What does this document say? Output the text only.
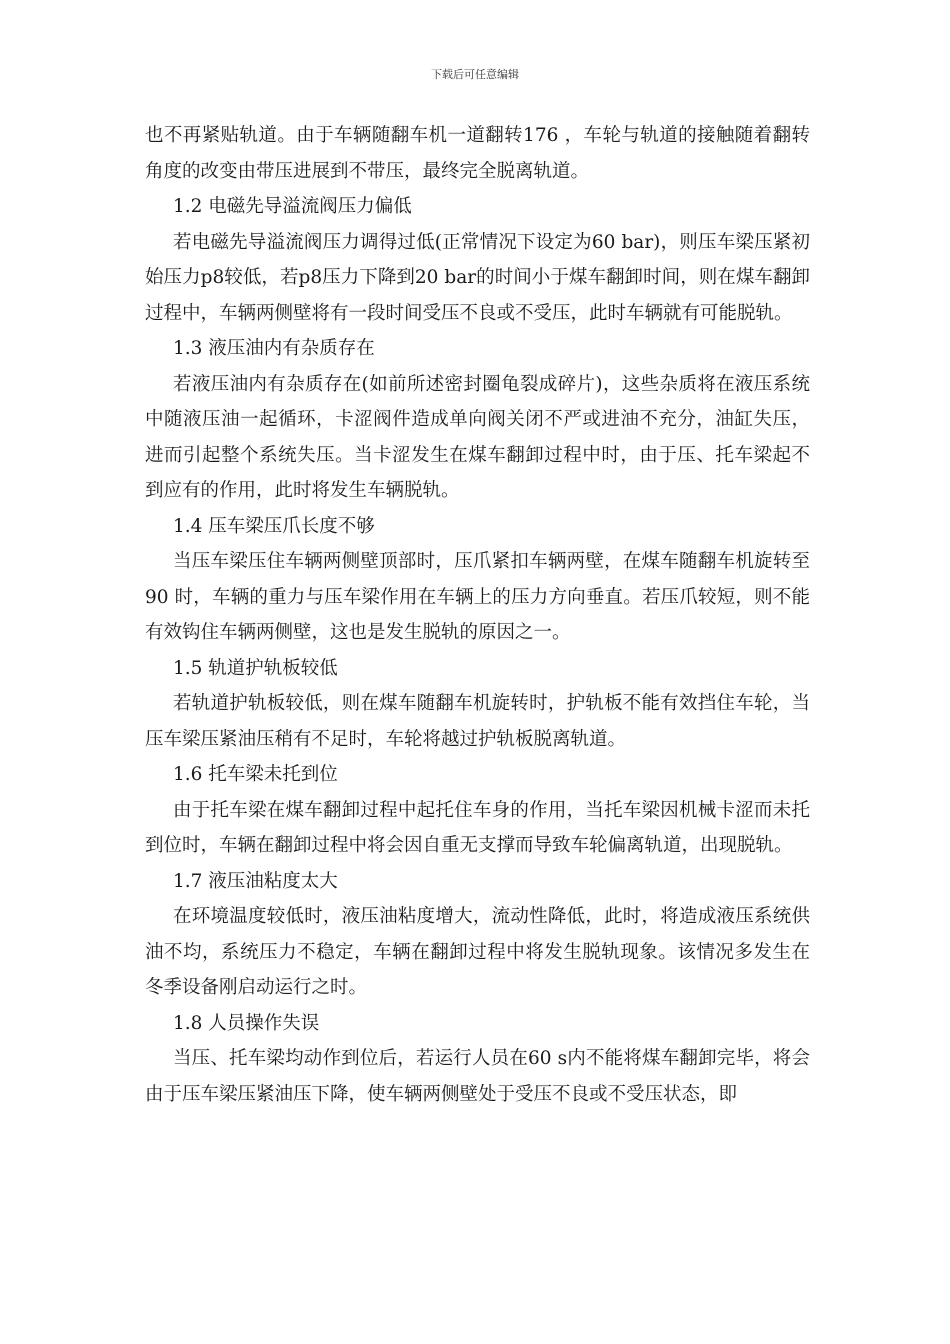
下载后可任意编辑

也不再紧贴轨道。由于车辆随翻车机一道翻转176 ，车轮与轨道的接触随着翻转角度的改变由带压进展到不带压，最终完全脱离轨道。

1.2 电磁先导溢流阀压力偏低

若电磁先导溢流阀压力调得过低(正常情况下设定为60 bar)，则压车梁压紧初始压力p8较低，若p8压力下降到20 bar的时间小于煤车翻卸时间，则在煤车翻卸过程中，车辆两侧壁将有一段时间受压不良或不受压，此时车辆就有可能脱轨。

1.3 液压油内有杂质存在

若液压油内有杂质存在(如前所述密封圈龟裂成碎片)，这些杂质将在液压系统中随液压油一起循环，卡涩阀件造成单向阀关闭不严或进油不充分，油缸失压，进而引起整个系统失压。当卡涩发生在煤车翻卸过程中时，由于压、托车梁起不到应有的作用，此时将发生车辆脱轨。

1.4 压车梁压爪长度不够

当压车梁压住车辆两侧壁顶部时，压爪紧扣车辆两壁，在煤车随翻车机旋转至90 时，车辆的重力与压车梁作用在车辆上的压力方向垂直。若压爪较短，则不能有效钩住车辆两侧壁，这也是发生脱轨的原因之一。

1.5 轨道护轨板较低

若轨道护轨板较低，则在煤车随翻车机旋转时，护轨板不能有效挡住车轮，当压车梁压紧油压稍有不足时，车轮将越过护轨板脱离轨道。

1.6 托车梁未托到位

由于托车梁在煤车翻卸过程中起托住车身的作用，当托车梁因机械卡涩而未托到位时，车辆在翻卸过程中将会因自重无支撑而导致车轮偏离轨道，出现脱轨。

1.7 液压油粘度太大

在环境温度较低时，液压油粘度增大，流动性降低，此时，将造成液压系统供油不均，系统压力不稳定，车辆在翻卸过程中将发生脱轨现象。该情况多发生在冬季设备刚启动运行之时。

1.8 人员操作失误

当压、托车梁均动作到位后，若运行人员在60 s内不能将煤车翻卸完毕，将会由于压车梁压紧油压下降，使车辆两侧壁处于受压不良或不受压状态，即
